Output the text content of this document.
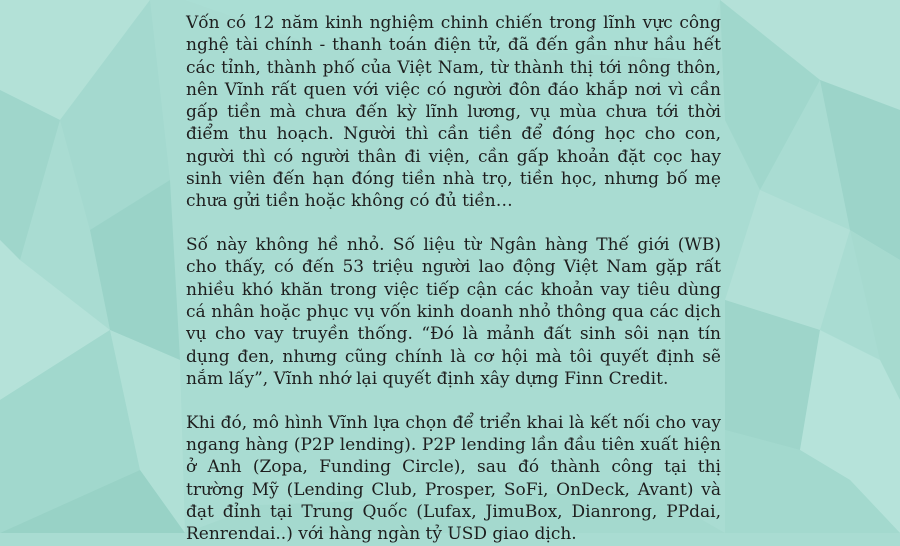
Vốn có 12 năm kinh nghiệm chinh chiến trong lĩnh vực công nghệ tài chính - thanh toán điện tử, đã đến gần như hầu hết các tỉnh, thành phố của Việt Nam, từ thành thị tới nông thôn, nên Vĩnh rất quen với việc có người đôn đáo khắp nơi vì cần gấp tiền mà chưa đến kỳ lĩnh lương, vụ mùa chưa tới thời điểm thu hoạch. Người thì cần tiền để đóng học cho con, người thì có người thân đi viện, cần gấp khoản đặt cọc hay sinh viên đến hạn đóng tiền nhà trọ, tiền học, nhưng bố mẹ chưa gửi tiền hoặc không có đủ tiền…

Số này không hề nhỏ. Số liệu từ Ngân hàng Thế giới (WB) cho thấy, có đến 53 triệu người lao động Việt Nam gặp rất nhiều khó khăn trong việc tiếp cận các khoản vay tiêu dùng cá nhân hoặc phục vụ vốn kinh doanh nhỏ thông qua các dịch vụ cho vay truyền thống. “Đó là mảnh đất sinh sôi nạn tín dụng đen, nhưng cũng chính là cơ hội mà tôi quyết định sẽ nắm lấy”, Vĩnh nhớ lại quyết định xây dựng Finn Credit.

Khi đó, mô hình Vĩnh lựa chọn để triển khai là kết nối cho vay ngang hàng (P2P lending). P2P lending lần đầu tiên xuất hiện ở Anh (Zopa, Funding Circle), sau đó thành công tại thị trường Mỹ (Lending Club, Prosper, SoFi, OnDeck, Avant) và đạt đỉnh tại Trung Quốc (Lufax, JimuBox, Dianrong, PPdai, Renrendai..) với hàng ngàn tỷ USD giao dịch.
